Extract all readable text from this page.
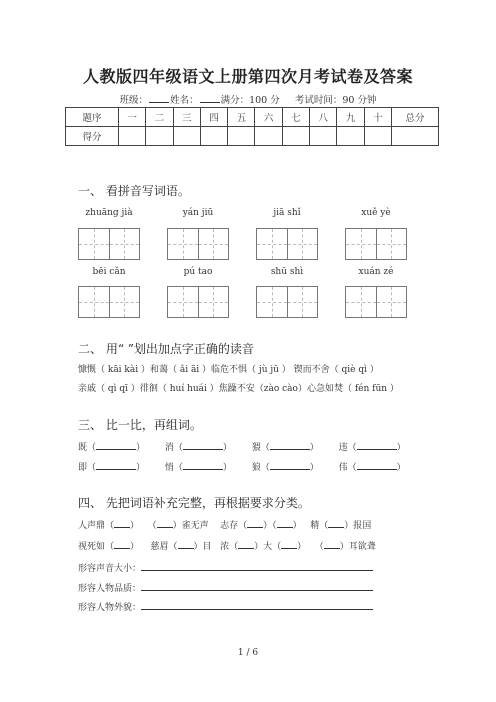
人教版四年级语文上册第四次月考试卷及答案
班级： 姓名： 满分：100 分 考试时间：90 分钟
题序	一	二	三	四	五	六	七	八	九	十	总分
得分											
一、 看拼音写词语。
zhuāng jià	yán jiū	jiā shǐ	xuě yè
bēi cǎn	pú tao	shū shì	xuán zé
二、 用“ ”划出加点字正确的读音
慷慨（ kāi kài ）和蔼（ ǎi āi ）临危不惧（ jù jū ） 锲而不舍（ qiè qì ）
亲戚（ qì qī ）徘徊（ huí huái ）焦躁不安（zào cào）心急如焚（ fén fūn ）
三、 比一比，再组词。
既（	） 消（	） 猥（	） 违（	）
即（	） 悄（	） 狼（	） 伟（	）
四、 先把词语补充完整，再根据要求分类。
人声鼎（ ） （ ）雀无声 志存（ ）（ ） 精（ ）报国
视死如（ ） 慈眉（ ）目 浓（ ）大（ ） （ ）耳欲聋
形容声音大小：
形容人物品质：
形容人物外貌：
1 / 6
